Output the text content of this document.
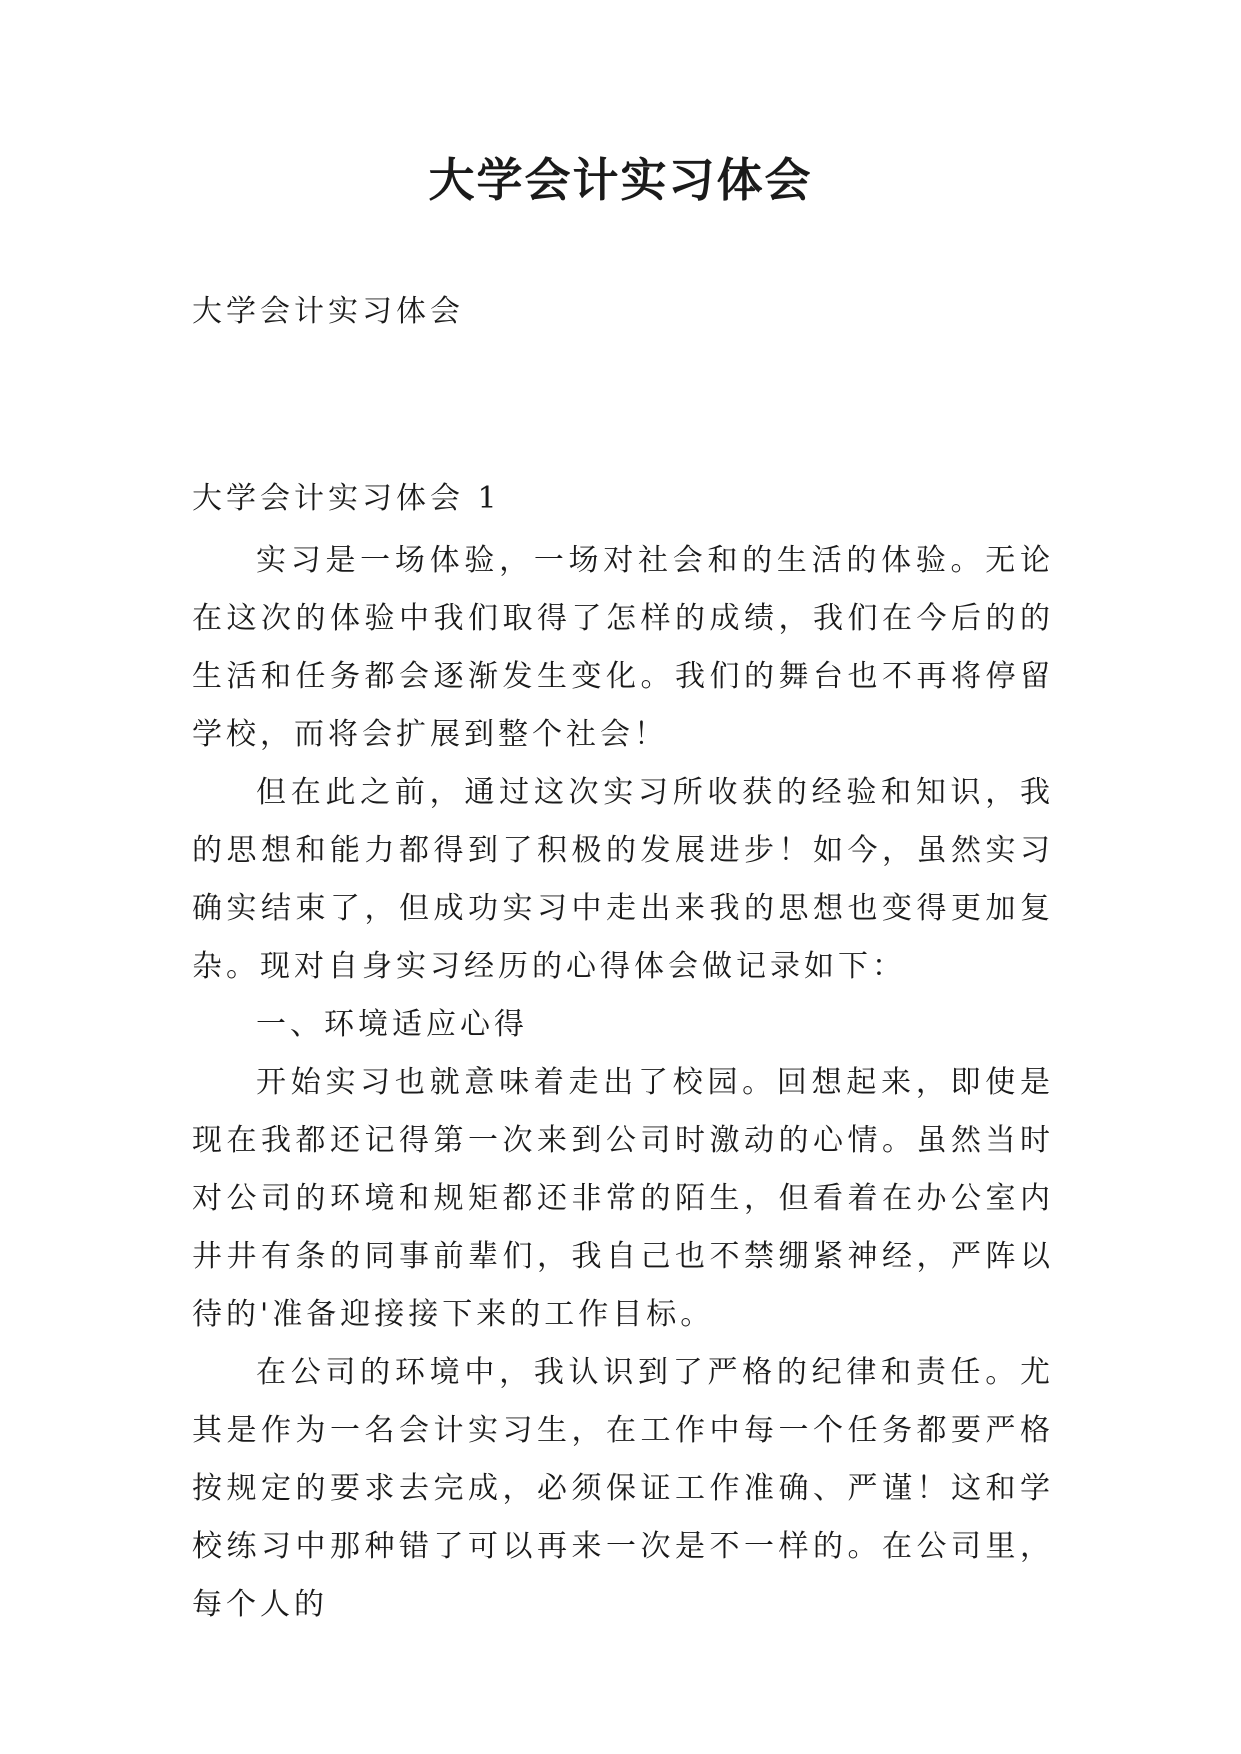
大学会计实习体会

大学会计实习体会

大学会计实习体会 1

实习是一场体验，一场对社会和的生活的体验。无论在这次的体验中我们取得了怎样的成绩，我们在今后的的生活和任务都会逐渐发生变化。我们的舞台也不再将停留学校，而将会扩展到整个社会！

但在此之前，通过这次实习所收获的经验和知识，我的思想和能力都得到了积极的发展进步！如今，虽然实习确实结束了，但成功实习中走出来我的思想也变得更加复杂。现对自身实习经历的心得体会做记录如下：

一、环境适应心得

开始实习也就意味着走出了校园。回想起来，即使是现在我都还记得第一次来到公司时激动的心情。虽然当时对公司的环境和规矩都还非常的陌生，但看着在办公室内井井有条的同事前辈们，我自己也不禁绷紧神经，严阵以待的'准备迎接接下来的工作目标。

在公司的环境中，我认识到了严格的纪律和责任。尤其是作为一名会计实习生，在工作中每一个任务都要严格按规定的要求去完成，必须保证工作准确、严谨！这和学校练习中那种错了可以再来一次是不一样的。在公司里，每个人的
